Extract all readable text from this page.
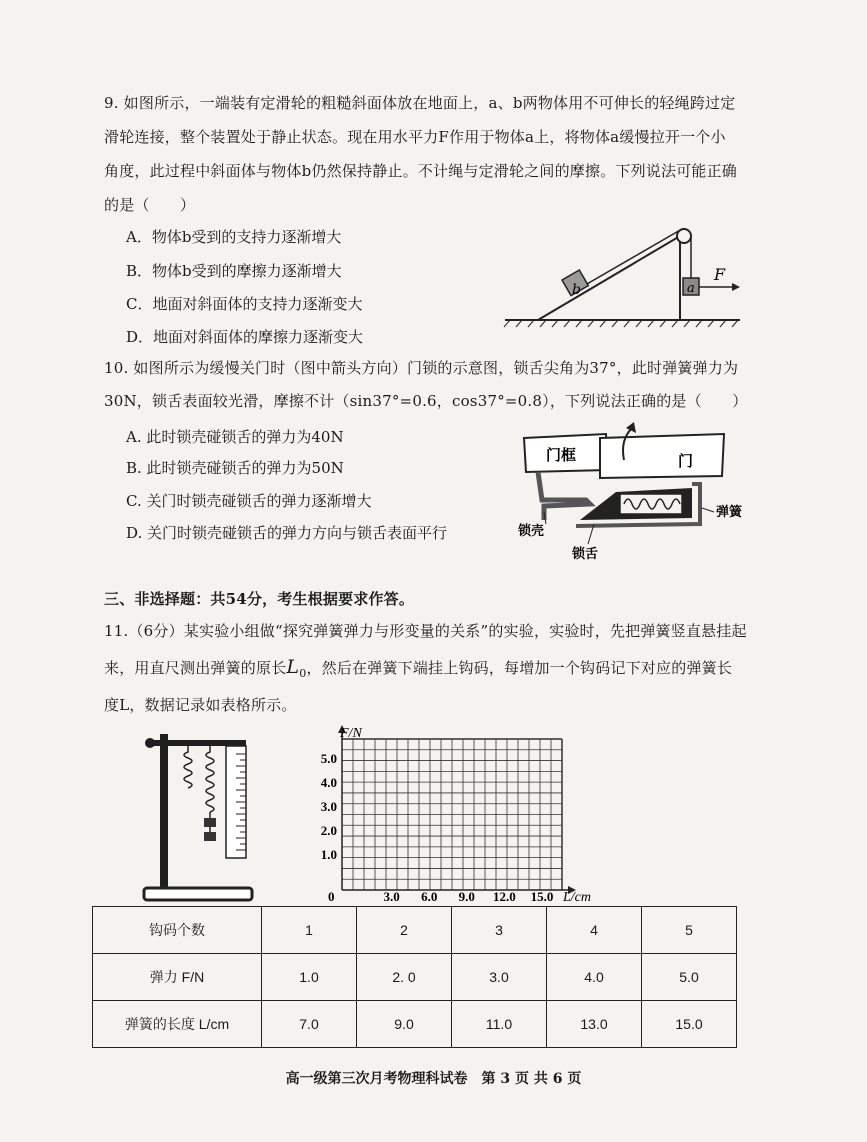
9. 如图所示，一端装有定滑轮的粗糙斜面体放在地面上，a、b两物体用不可伸长的轻绳跨过定
滑轮连接，整个装置处于静止状态。现在用水平力F作用于物体a上，将物体a缓慢拉开一个小
角度，此过程中斜面体与物体b仍然保持静止。不计绳与定滑轮之间的摩擦。下列说法可能正确
的是（　　）
A．物体b受到的支持力逐渐增大
B．物体b受到的摩擦力逐渐增大
C．地面对斜面体的支持力逐渐变大
D．地面对斜面体的摩擦力逐渐变大
b	a
F
10. 如图所示为缓慢关门时（图中箭头方向）门锁的示意图，锁舌尖角为37°，此时弹簧弹力为
30N，锁舌表面较光滑，摩擦不计（sin37°=0.6，cos37°=0.8），下列说法正确的是（　　）
A. 此时锁壳碰锁舌的弹力为40N
B. 此时锁壳碰锁舌的弹力为50N
C. 关门时锁壳碰锁舌的弹力逐渐增大
D. 关门时锁壳碰锁舌的弹力方向与锁舌表面平行
门框	门
弹簧
锁壳
锁舌
三、非选择题：共54分，考生根据要求作答。
11.（6分）某实验小组做“探究弹簧弹力与形变量的关系”的实验，实验时，先把弹簧竖直悬挂起
来，用直尺测出弹簧的原长$L_0$，然后在弹簧下端挂上钩码，每增加一个钩码记下对应的弹簧长
度L，数据记录如表格所示。
3.0 6.0 9.0 12.0 15.0
1.0
2.0
3.0
4.0
5.0
F/N
L/cm
0
钩码个数	1	2	3	4	5
弹力 F/N	1.0	2. 0	3.0	4.0	5.0
弹簧的长度 L/cm	7.0	9.0	11.0	13.0	15.0
高一级第三次月考物理科试卷　第 3 页 共 6 页
